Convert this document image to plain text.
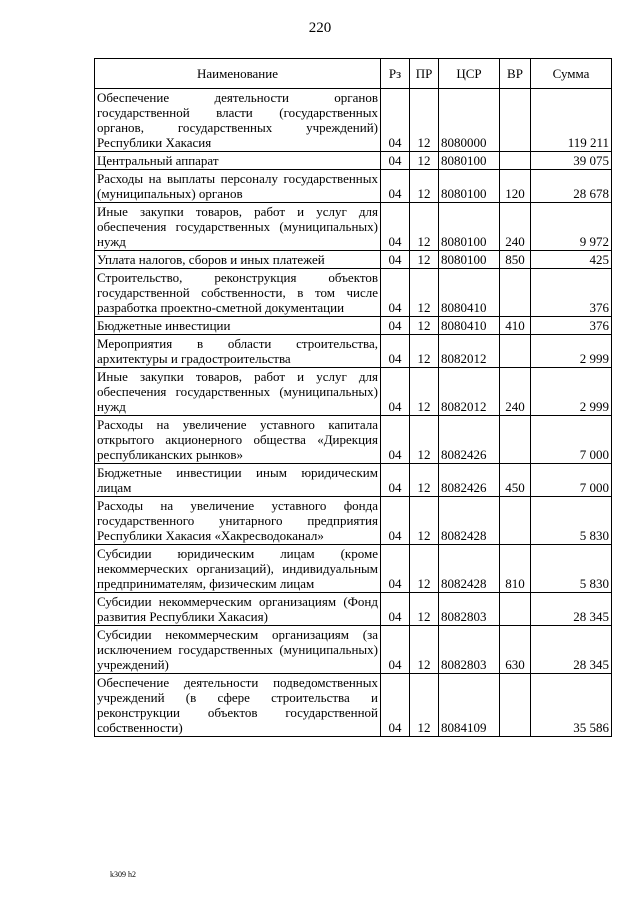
220
Наименование	Рз	ПР	ЦСР	ВР	Сумма
Обеспечение деятельности органов государственной власти (государственных органов, государственных учреждений) Республики Хакасия	04	12	8080000		119 211
Центральный аппарат	04	12	8080100		39 075
Расходы на выплаты персоналу государственных (муниципальных) органов	04	12	8080100	120	28 678
Иные закупки товаров, работ и услуг для обеспечения государственных (муниципальных) нужд	04	12	8080100	240	9 972
Уплата налогов, сборов и иных платежей	04	12	8080100	850	425
Строительство, реконструкция объектов государственной собственности, в том числе разработка проектно-сметной документации	04	12	8080410		376
Бюджетные инвестиции	04	12	8080410	410	376
Мероприятия в области строительства, архитектуры и градостроительства	04	12	8082012		2 999
Иные закупки товаров, работ и услуг для обеспечения государственных (муниципальных) нужд	04	12	8082012	240	2 999
Расходы на увеличение уставного капитала открытого акционерного общества «Дирекция республиканских рынков»	04	12	8082426		7 000
Бюджетные инвестиции иным юридическим лицам	04	12	8082426	450	7 000
Расходы на увеличение уставного фонда государственного унитарного предприятия Республики Хакасия «Хакресводоканал»	04	12	8082428		5 830
Субсидии юридическим лицам (кроме некоммерческих организаций), индивидуальным предпринимателям, физическим лицам	04	12	8082428	810	5 830
Субсидии некоммерческим организациям (Фонд развития Республики Хакасия)	04	12	8082803		28 345
Субсидии некоммерческим организациям (за исключением государственных (муниципальных) учреждений)	04	12	8082803	630	28 345
Обеспечение деятельности подведомственных учреждений (в сфере строительства и реконструкции объектов государственной собственности)	04	12	8084109		35 586
k309 h2
